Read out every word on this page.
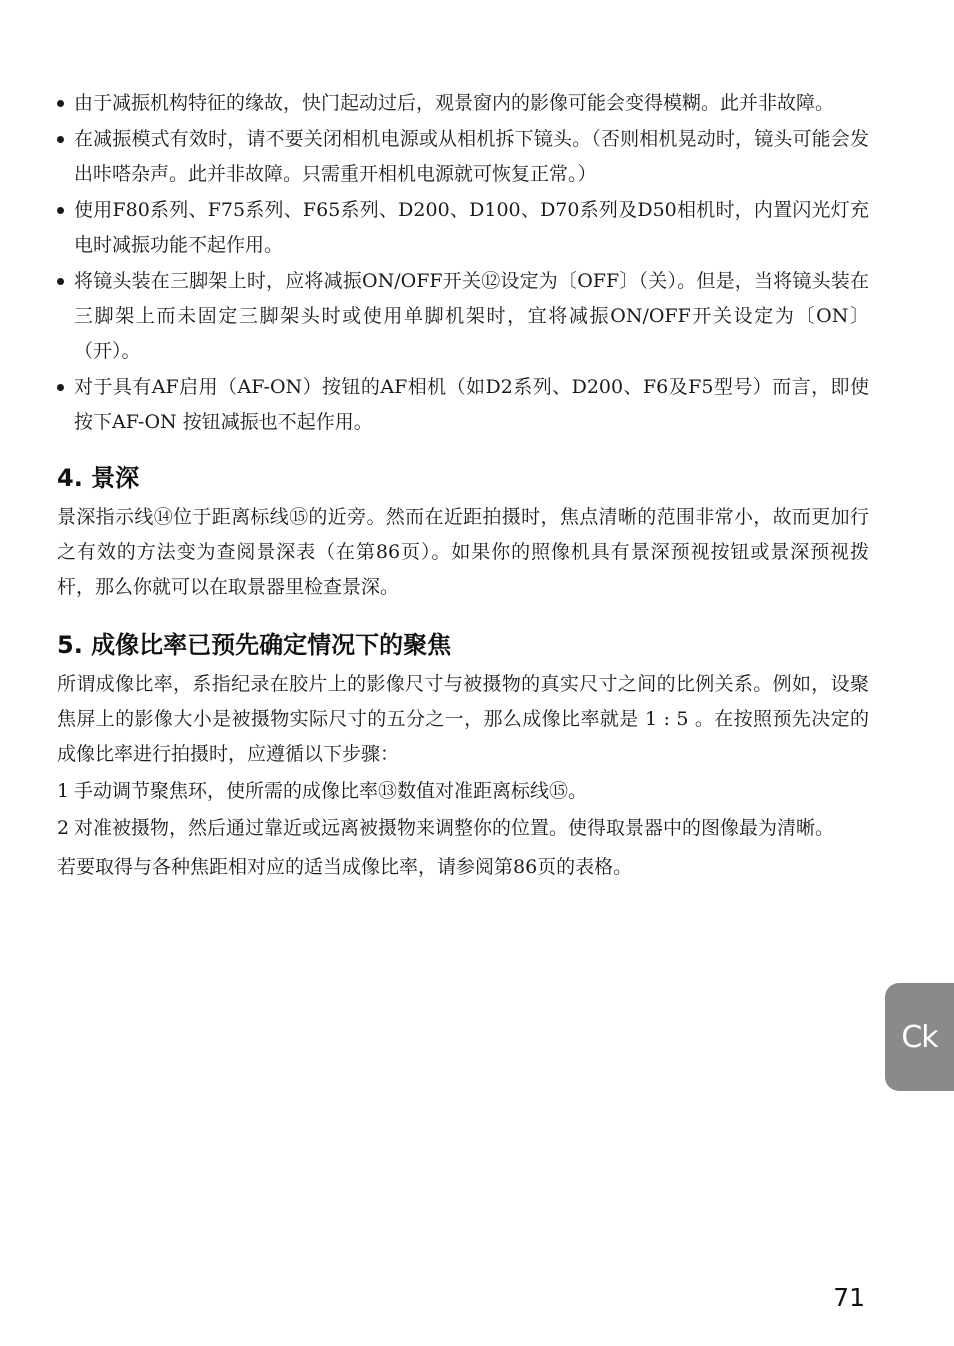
由于减振机构特征的缘故，快门起动过后，观景窗内的影像可能会变得模糊。此并非故障。
在减振模式有效时，请不要关闭相机电源或从相机拆下镜头。（否则相机晃动时，镜头可能会发出咔嗒杂声。此并非故障。只需重开相机电源就可恢复正常。）
使用F80系列、F75系列、F65系列、D200、D100、D70系列及D50相机时，内置闪光灯充电时减振功能不起作用。
将镜头装在三脚架上时，应将减振ON/OFF开关⑫设定为〔OFF〕（关）。但是，当将镜头装在三脚架上而未固定三脚架头时或使用单脚机架时，宜将减振ON/OFF开关设定为〔ON〕（开）。
对于具有AF启用（AF-ON）按钮的AF相机（如D2系列、D200、F6及F5型号）而言，即使按下AF-ON 按钮减振也不起作用。
4. 景深

景深指示线⑭位于距离标线⑮的近旁。然而在近距拍摄时，焦点清晰的范围非常小，故而更加行之有效的方法变为查阅景深表（在第86页）。如果你的照像机具有景深预视按钮或景深预视拨杆，那么你就可以在取景器里检查景深。

5. 成像比率已预先确定情况下的聚焦

所谓成像比率，系指纪录在胶片上的影像尺寸与被摄物的真实尺寸之间的比例关系。例如，设聚焦屏上的影像大小是被摄物实际尺寸的五分之一，那么成像比率就是 1 : 5 。在按照预先决定的成像比率进行拍摄时，应遵循以下步骤：

1 手动调节聚焦环，使所需的成像比率⑬数值对准距离标线⑮。
2 对准被摄物，然后通过靠近或远离被摄物来调整你的位置。使得取景器中的图像最为清晰。

若要取得与各种焦距相对应的适当成像比率，请参阅第86页的表格。

Ck
71
